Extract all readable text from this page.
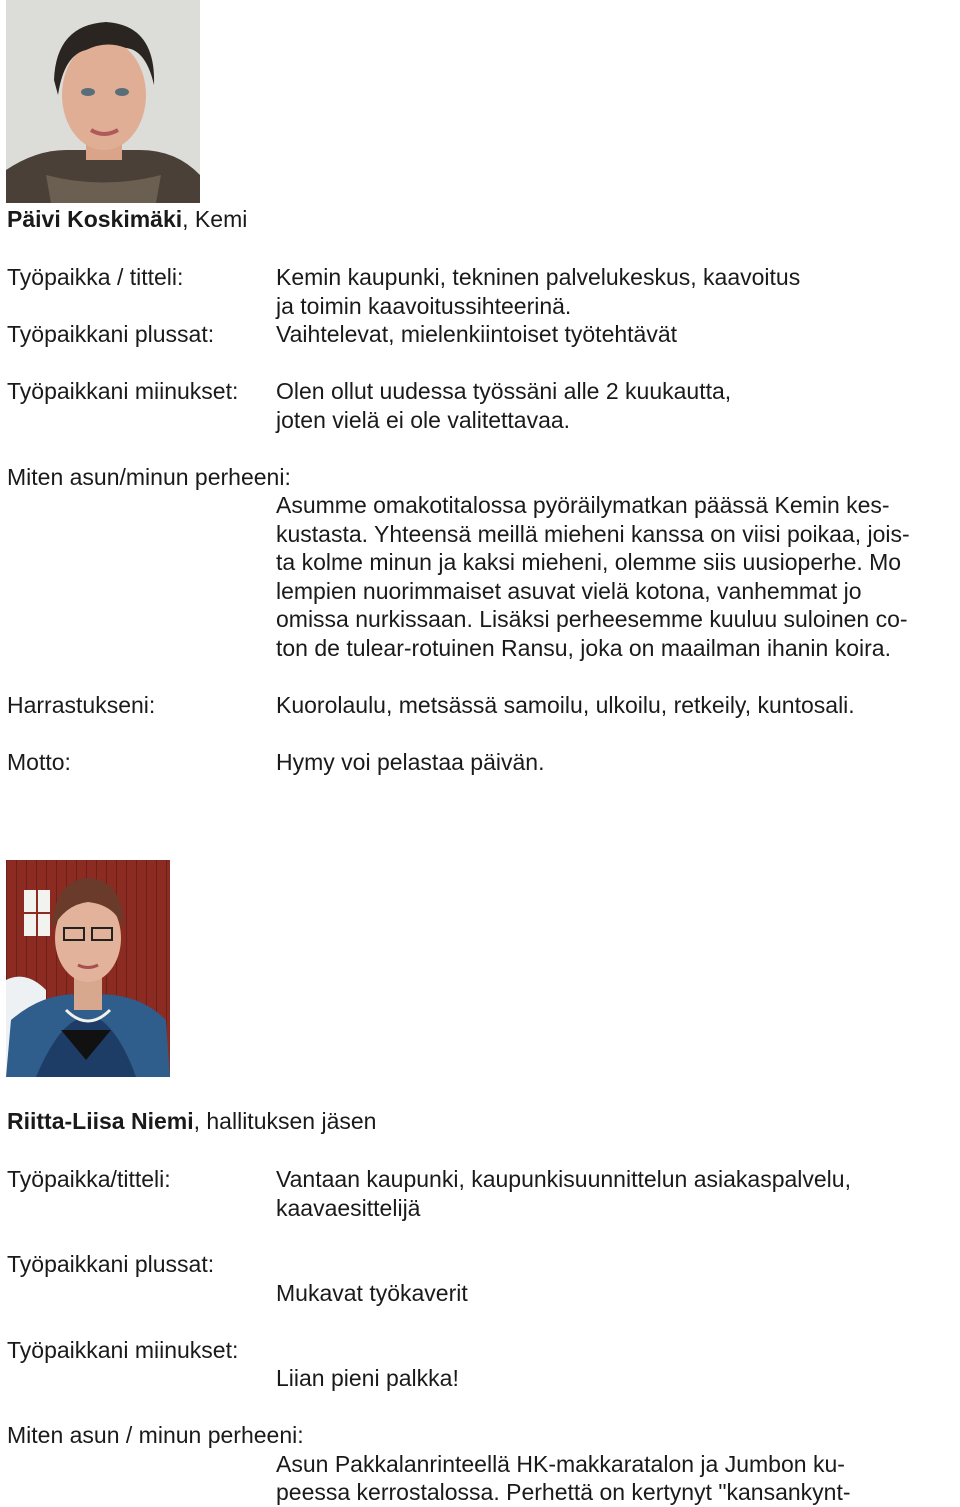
Päivi Koskimäki, Kemi
Työpaikka / titteli:	Kemin kaupunki, tekninen palvelukeskus, kaavoitus
ja toimin kaavoitussihteerinä.
Työpaikkani plussat:	Vaihtelevat, mielenkiintoiset työtehtävät
Työpaikkani miinukset: Olen ollut uudessa työssäni alle 2 kuukautta,
joten vielä ei ole valitettavaa.
Miten asun/minun perheeni:
Asumme omakotitalossa pyöräilymatkan päässä Kemin kes-
kustasta. Yhteensä meillä mieheni kanssa on viisi poikaa, jois-
ta kolme minun ja kaksi mieheni, olemme siis uusioperhe. Mo
lempien nuorimmaiset asuvat vielä kotona, vanhemmat jo
omissa nurkissaan. Lisäksi perheesemme kuuluu suloinen co-
ton de tulear-rotuinen Ransu, joka on maailman ihanin koira.
Harrastukseni:	Kuorolaulu, metsässä samoilu, ulkoilu, retkeily, kuntosali.
Motto:	Hymy voi pelastaa päivän.
Riitta-Liisa Niemi, hallituksen jäsen
Työpaikka/titteli:	Vantaan kaupunki, kaupunkisuunnittelun asiakaspalvelu,
kaavaesittelijä
Työpaikkani plussat:
Mukavat työkaverit
Työpaikkani miinukset:
Liian pieni palkka!
Miten asun / minun perheeni:
Asun Pakkalanrinteellä HK-makkaratalon ja Jumbon ku-
peessa kerrostalossa. Perhettä on kertynyt "kansankynt-
